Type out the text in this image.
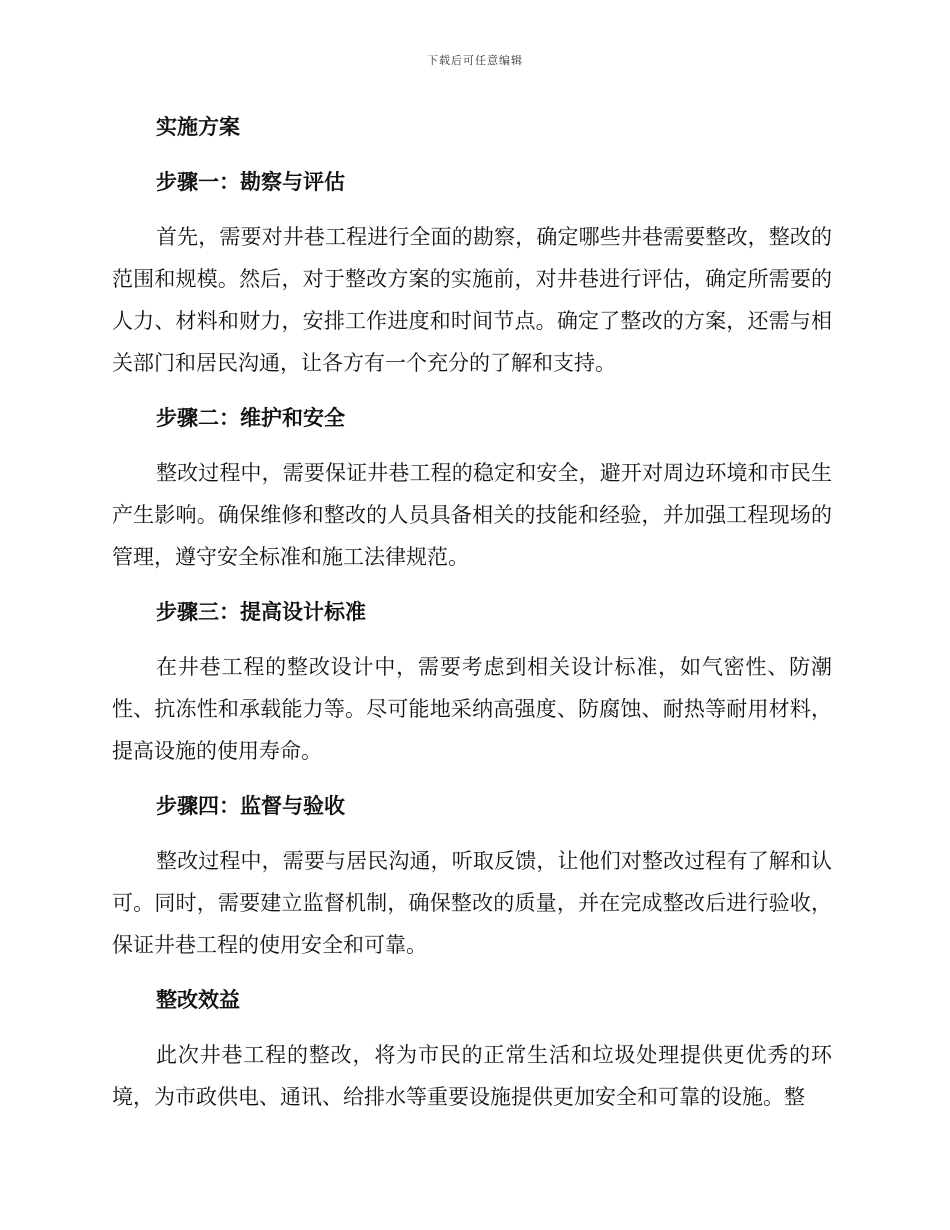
下载后可任意编辑
实施方案
步骤一：勘察与评估

首先，需要对井巷工程进行全面的勘察，确定哪些井巷需要整改，整改的范围和规模。然后，对于整改方案的实施前，对井巷进行评估，确定所需要的人力、材料和财力，安排工作进度和时间节点。确定了整改的方案，还需与相关部门和居民沟通，让各方有一个充分的了解和支持。

步骤二：维护和安全

整改过程中，需要保证井巷工程的稳定和安全，避开对周边环境和市民生产生影响。确保维修和整改的人员具备相关的技能和经验，并加强工程现场的管理，遵守安全标准和施工法律规范。

步骤三：提高设计标准

在井巷工程的整改设计中，需要考虑到相关设计标准，如气密性、防潮性、抗冻性和承载能力等。尽可能地采纳高强度、防腐蚀、耐热等耐用材料，提高设施的使用寿命。

步骤四：监督与验收

整改过程中，需要与居民沟通，听取反馈，让他们对整改过程有了解和认可。同时，需要建立监督机制，确保整改的质量，并在完成整改后进行验收，保证井巷工程的使用安全和可靠。

整改效益

此次井巷工程的整改，将为市民的正常生活和垃圾处理提供更优秀的环境，为市政供电、通讯、给排水等重要设施提供更加安全和可靠的设施。整
